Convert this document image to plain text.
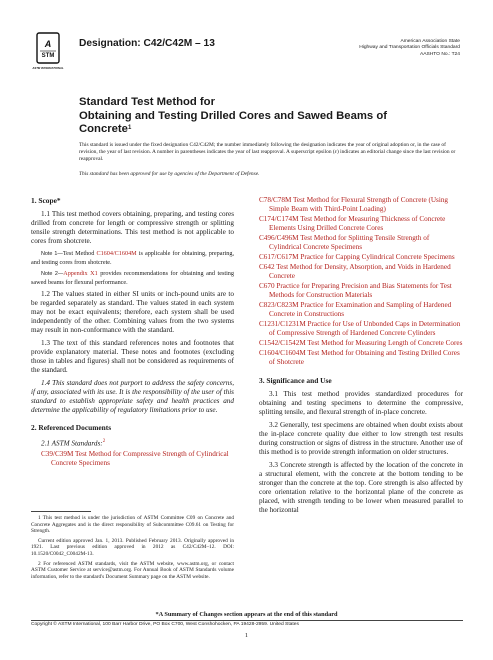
A
STM
ASTM INTERNATIONAL
Designation: C42/C42M – 13	American Association State
Highway and Transportation Officials Standard
AASHTO No.: T24
Standard Test Method for
Obtaining and Testing Drilled Cores and Sawed Beams of
Concrete$^1$
This standard is issued under the fixed designation C42/C42M; the number immediately following the designation indicates the year of original adoption or, in the case of revision, the year of last revision. A number in parentheses indicates the year of last reapproval. A superscript epsilon (ε) indicates an editorial change since the last revision or reapproval.
This standard has been approved for use by agencies of the Department of Defense.
1. Scope*
1.1 This test method covers obtaining, preparing, and testing cores drilled from concrete for length or compressive strength or splitting tensile strength determinations. This test method is not applicable to cores from shotcrete.
Note 1—Test Method C1604/C1604M is applicable for obtaining, preparing, and testing cores from shotcrete.
Note 2—Appendix X1 provides recommendations for obtaining and testing sawed beams for flexural performance.
1.2 The values stated in either SI units or inch-pound units are to be regarded separately as standard. The values stated in each system may not be exact equivalents; therefore, each system shall be used independently of the other. Combining values from the two systems may result in non-conformance with the standard.
1.3 The text of this standard references notes and footnotes that provide explanatory material. These notes and footnotes (excluding those in tables and figures) shall not be considered as requirements of the standard.
1.4 This standard does not purport to address the safety concerns, if any, associated with its use. It is the responsibility of the user of this standard to establish appropriate safety and health practices and determine the applicability of regulatory limitations prior to use.
2. Referenced Documents
2.1 ASTM Standards:$^2$
C39/C39M Test Method for Compressive Strength of Cylindrical Concrete Specimens
C78/C78M Test Method for Flexural Strength of Concrete (Using Simple Beam with Third-Point Loading)
C174/C174M Test Method for Measuring Thickness of Concrete Elements Using Drilled Concrete Cores
C496/C496M Test Method for Splitting Tensile Strength of Cylindrical Concrete Specimens
C617/C617M Practice for Capping Cylindrical Concrete Specimens
C642 Test Method for Density, Absorption, and Voids in Hardened Concrete
C670 Practice for Preparing Precision and Bias Statements for Test Methods for Construction Materials
C823/C823M Practice for Examination and Sampling of Hardened Concrete in Constructions
C1231/C1231M Practice for Use of Unbonded Caps in Determination of Compressive Strength of Hardened Concrete Cylinders
C1542/C1542M Test Method for Measuring Length of Concrete Cores
C1604/C1604M Test Method for Obtaining and Testing Drilled Cores of Shotcrete
3. Significance and Use
3.1 This test method provides standardized procedures for obtaining and testing specimens to determine the compressive, splitting tensile, and flexural strength of in-place concrete.
3.2 Generally, test specimens are obtained when doubt exists about the in-place concrete quality due either to low strength test results during construction or signs of distress in the structure. Another use of this method is to provide strength information on older structures.
3.3 Concrete strength is affected by the location of the concrete in a structural element, with the concrete at the bottom tending to be stronger than the concrete at the top. Core strength is also affected by core orientation relative to the horizontal plane of the concrete as placed, with strength tending to be lower when measured parallel to the horizontal

1 This test method is under the jurisdiction of ASTM Committee C09 on Concrete and Concrete Aggregates and is the direct responsibility of Subcommittee C09.61 on Testing for Strength.

Current edition approved Jan. 1, 2013. Published February 2013. Originally approved in 1921. Last previous edition approved in 2012 as C42/C42M–12. DOI: 10.1520/C0042_C0042M-13.

2 For referenced ASTM standards, visit the ASTM website, www.astm.org, or contact ASTM Customer Service at service@astm.org. For Annual Book of ASTM Standards volume information, refer to the standard's Document Summary page on the ASTM website.

*A Summary of Changes section appears at the end of this standard
Copyright © ASTM International, 100 Barr Harbor Drive, PO Box C700, West Conshohocken, PA 19428-2959. United States
1
